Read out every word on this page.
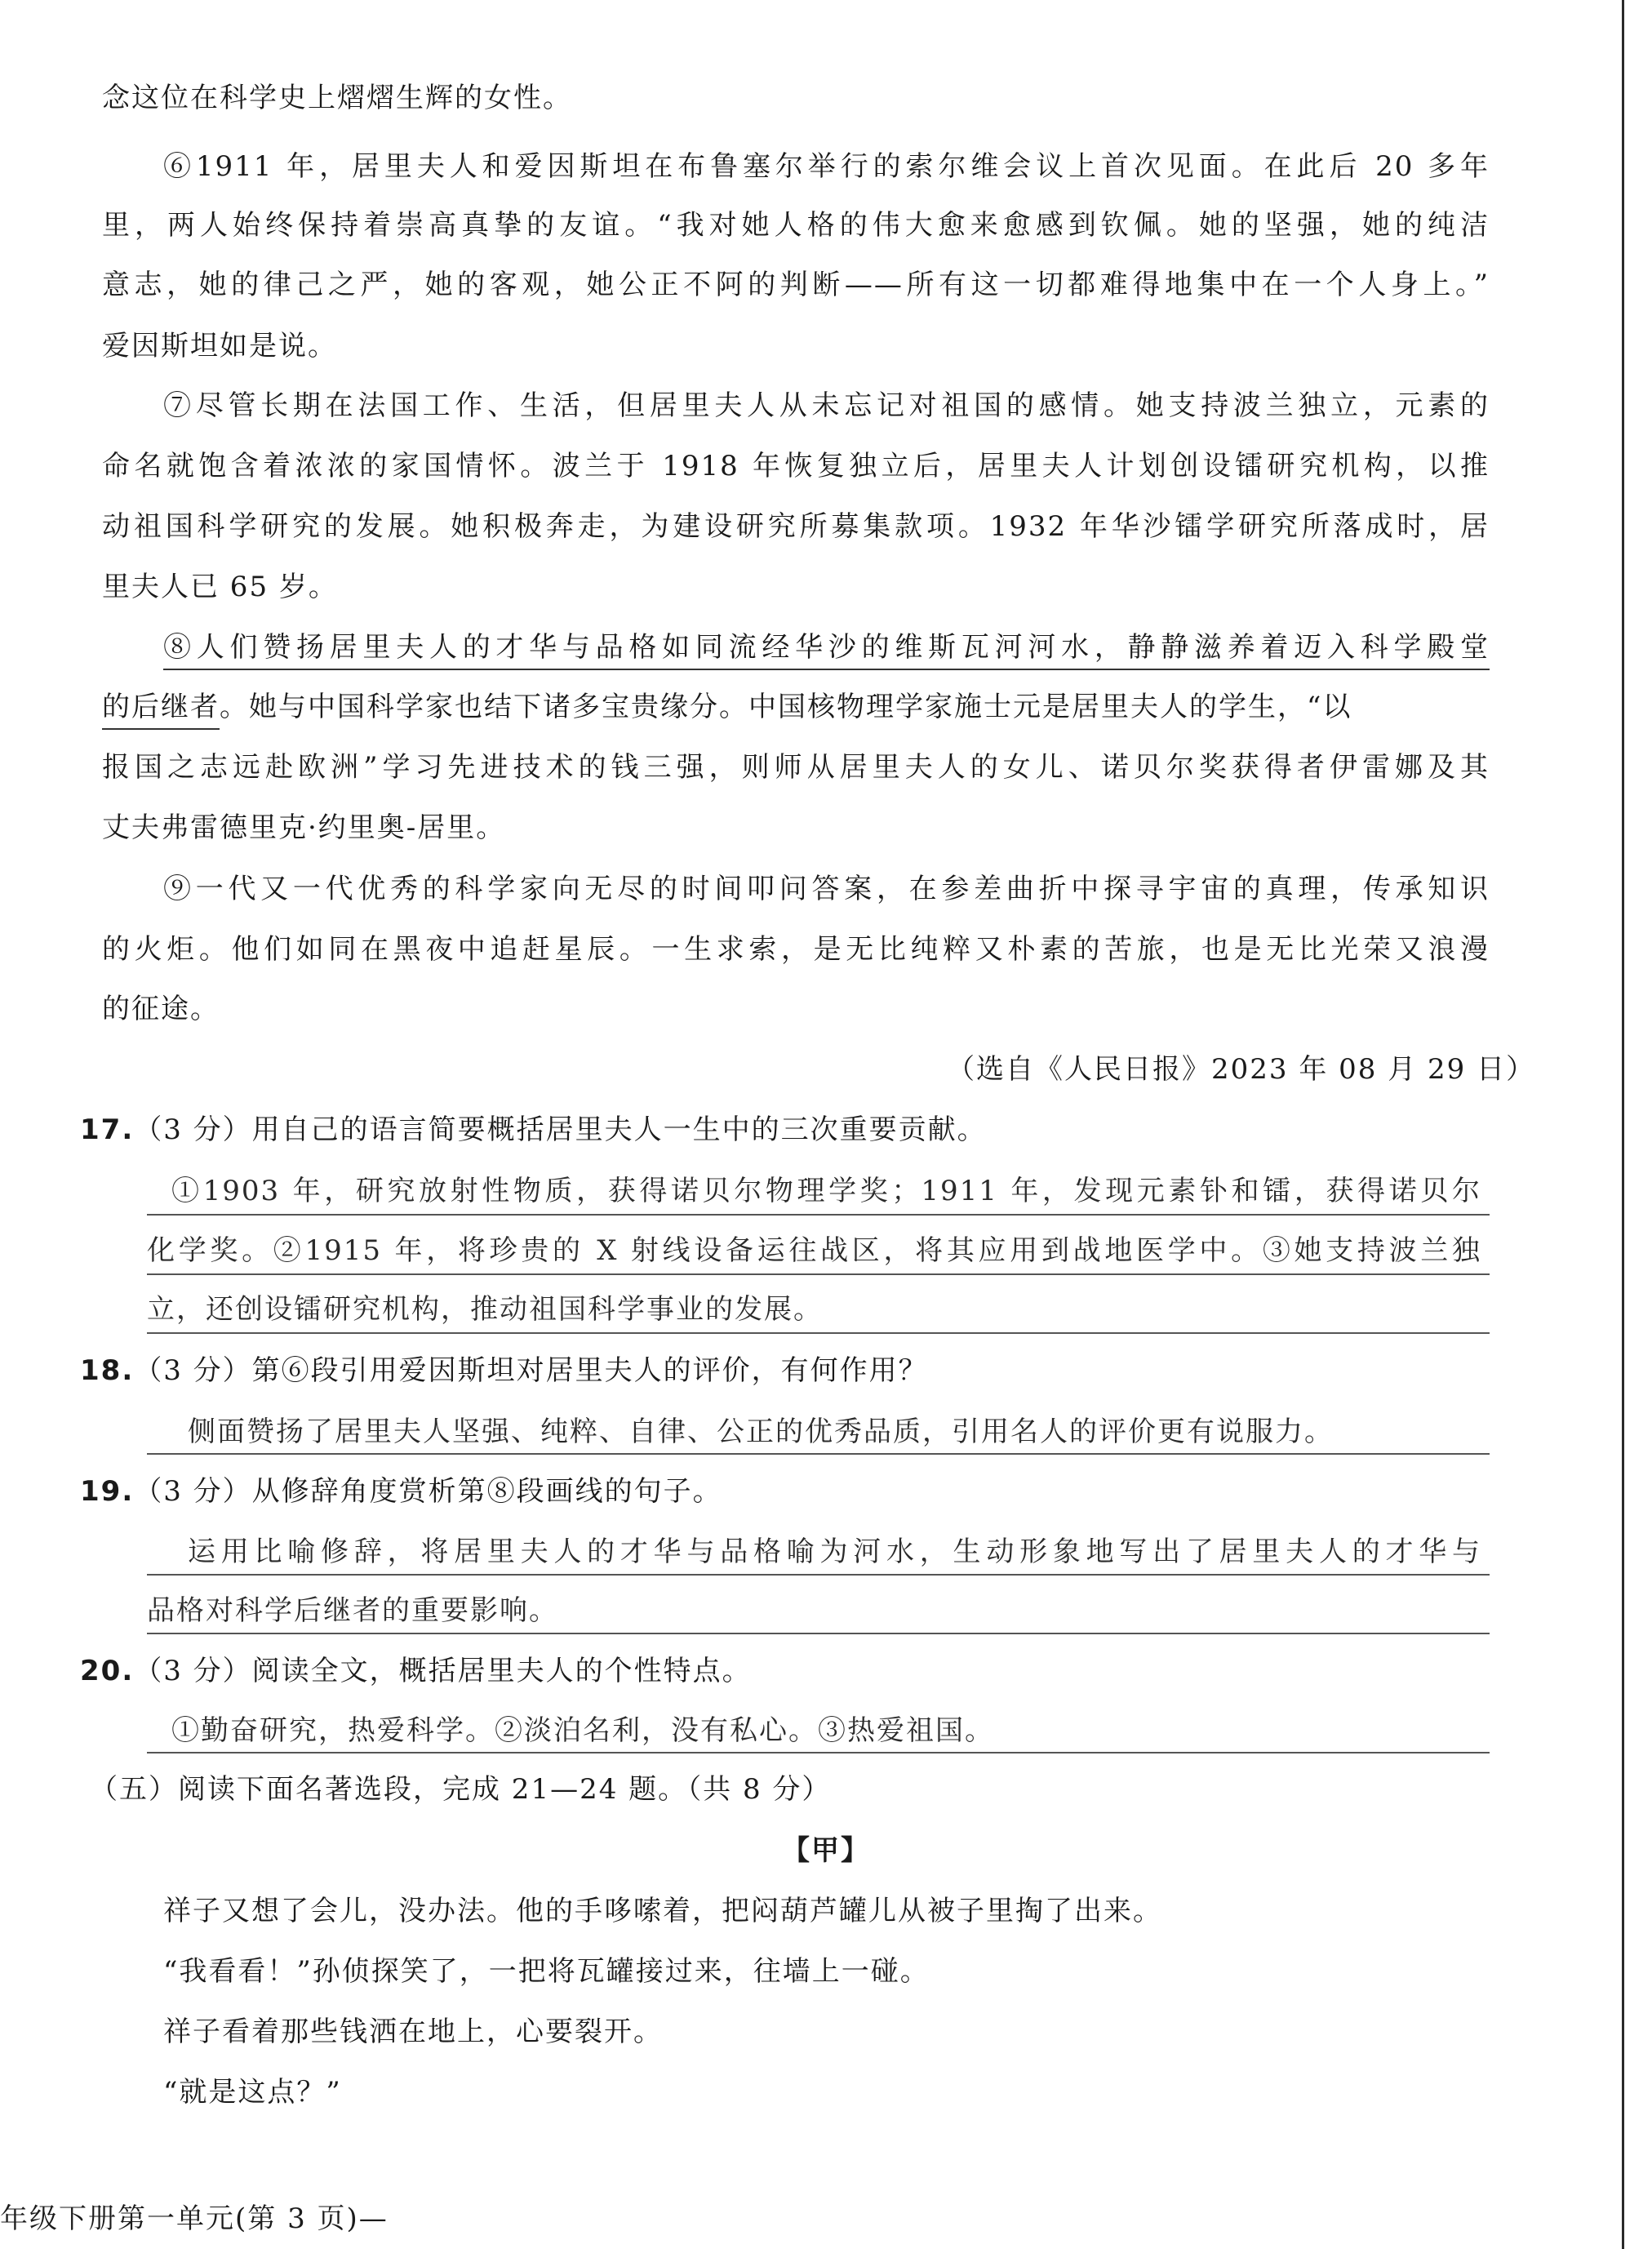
念这位在科学史上熠熠生辉的女性。
⑥1911 年，居里夫人和爱因斯坦在布鲁塞尔举行的索尔维会议上首次见面。在此后 20 多年
里，两人始终保持着崇高真挚的友谊。“我对她人格的伟大愈来愈感到钦佩。她的坚强，她的纯洁
意志，她的律己之严，她的客观，她公正不阿的判断——所有这一切都难得地集中在一个人身上。”
爱因斯坦如是说。
⑦尽管长期在法国工作、生活，但居里夫人从未忘记对祖国的感情。她支持波兰独立，元素的
命名就饱含着浓浓的家国情怀。波兰于 1918 年恢复独立后，居里夫人计划创设镭研究机构，以推
动祖国科学研究的发展。她积极奔走，为建设研究所募集款项。1932 年华沙镭学研究所落成时，居
里夫人已 65 岁。
⑧人们赞扬居里夫人的才华与品格如同流经华沙的维斯瓦河河水，静静滋养着迈入科学殿堂
的后继者。她与中国科学家也结下诸多宝贵缘分。中国核物理学家施士元是居里夫人的学生，“以
报国之志远赴欧洲”学习先进技术的钱三强，则师从居里夫人的女儿、诺贝尔奖获得者伊雷娜及其
丈夫弗雷德里克·约里奥-居里。
⑨一代又一代优秀的科学家向无尽的时间叩问答案，在参差曲折中探寻宇宙的真理，传承知识
的火炬。他们如同在黑夜中追赶星辰。一生求索，是无比纯粹又朴素的苦旅，也是无比光荣又浪漫
的征途。
（选自《人民日报》2023 年 08 月 29 日）
17.（3 分）用自己的语言简要概括居里夫人一生中的三次重要贡献。
①1903 年，研究放射性物质，获得诺贝尔物理学奖；1911 年，发现元素钋和镭，获得诺贝尔
化学奖。②1915 年，将珍贵的 X 射线设备运往战区，将其应用到战地医学中。③她支持波兰独
立，还创设镭研究机构，推动祖国科学事业的发展。
18.（3 分）第⑥段引用爱因斯坦对居里夫人的评价，有何作用？
侧面赞扬了居里夫人坚强、纯粹、自律、公正的优秀品质，引用名人的评价更有说服力。
19.（3 分）从修辞角度赏析第⑧段画线的句子。
运用比喻修辞，将居里夫人的才华与品格喻为河水，生动形象地写出了居里夫人的才华与
品格对科学后继者的重要影响。
20.（3 分）阅读全文，概括居里夫人的个性特点。
①勤奋研究，热爱科学。②淡泊名利，没有私心。③热爱祖国。
（五）阅读下面名著选段，完成 21—24 题。（共 8 分）
【甲】
祥子又想了会儿，没办法。他的手哆嗦着，把闷葫芦罐儿从被子里掏了出来。
“我看看！”孙侦探笑了，一把将瓦罐接过来，往墙上一碰。
祥子看着那些钱洒在地上，心要裂开。
“就是这点？”
年级下册第一单元(第 3 页)—
